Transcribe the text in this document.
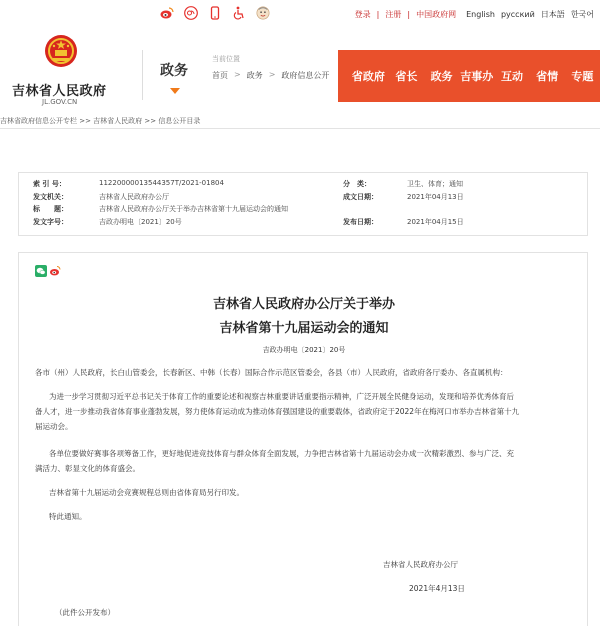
登录 | 注册 | 中国政府网 English русский 日本語 한국어
吉林省人民政府
JL.GOV.CN
政务
当前位置
首页 > 政务 > 政府信息公开	省政府 省长	政务 吉事办 互动	省情	专题
吉林省政府信息公开专栏 >> 吉林省人民政府 >> 信息公开目录
索 引 号：	11220000013544357T/2021-01804	分　类：	卫生、体育；通知
发文机关：	吉林省人民政府办公厅	成文日期：	2021年04月13日
标　　题：	吉林省人民政府办公厅关于举办吉林省第十九届运动会的通知
发文字号：	吉政办明电〔2021〕20号	发布日期：	2021年04月15日
吉林省人民政府办公厅关于举办
吉林省第十九届运动会的通知
吉政办明电〔2021〕20号
各市（州）人民政府，长白山管委会，长春新区、中韩（长春）国际合作示范区管委会，各县（市）人民政府，省政府各厅委办、各直属机构：
为进一步学习贯彻习近平总书记关于体育工作的重要论述和视察吉林重要讲话重要指示精神，广泛开展全民健身运动，发现和培养优秀体育后
备人才，进一步推动我省体育事业蓬勃发展，努力使体育运动成为推动体育强国建设的重要载体，省政府定于2022年在梅河口市举办吉林省第十九
届运动会。
各单位要做好赛事各项筹备工作，更好地促进竞技体育与群众体育全面发展，力争把吉林省第十九届运动会办成一次精彩激烈、参与广泛、充
满活力、彰显文化的体育盛会。
吉林省第十九届运动会竞赛规程总则由省体育局另行印发。
特此通知。
吉林省人民政府办公厅
2021年4月13日
（此件公开发布）
